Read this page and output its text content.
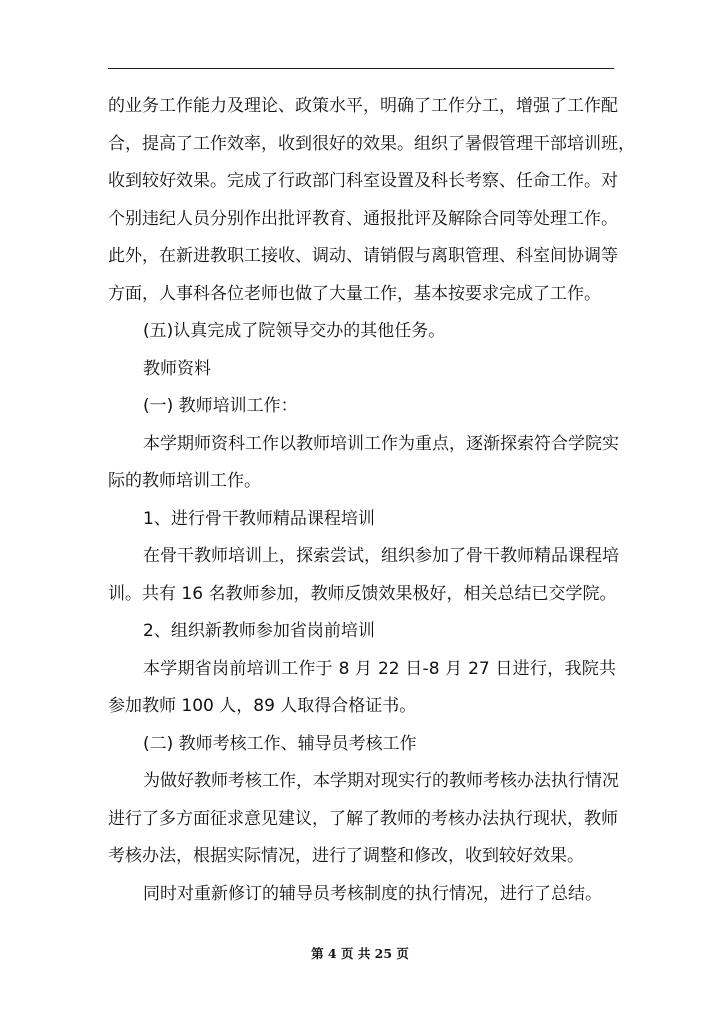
的业务工作能力及理论、政策水平，明确了工作分工，增强了工作配
合，提高了工作效率，收到很好的效果。组织了暑假管理干部培训班，
收到较好效果。完成了行政部门科室设置及科长考察、任命工作。对
个别违纪人员分别作出批评教育、通报批评及解除合同等处理工作。
此外，在新进教职工接收、调动、请销假与离职管理、科室间协调等
方面，人事科各位老师也做了大量工作，基本按要求完成了工作。
(五)认真完成了院领导交办的其他任务。
教师资料
(一) 教师培训工作：
本学期师资科工作以教师培训工作为重点，逐渐探索符合学院实
际的教师培训工作。
1、进行骨干教师精品课程培训
在骨干教师培训上，探索尝试，组织参加了骨干教师精品课程培
训。共有 16 名教师参加，教师反馈效果极好，相关总结已交学院。
2、组织新教师参加省岗前培训
本学期省岗前培训工作于 8 月 22 日-8 月 27 日进行，我院共
参加教师 100 人，89 人取得合格证书。
(二) 教师考核工作、辅导员考核工作
为做好教师考核工作，本学期对现实行的教师考核办法执行情况
进行了多方面征求意见建议，了解了教师的考核办法执行现状，教师
考核办法，根据实际情况，进行了调整和修改，收到较好效果。
同时对重新修订的辅导员考核制度的执行情况，进行了总结。
第 4 页 共 25 页
